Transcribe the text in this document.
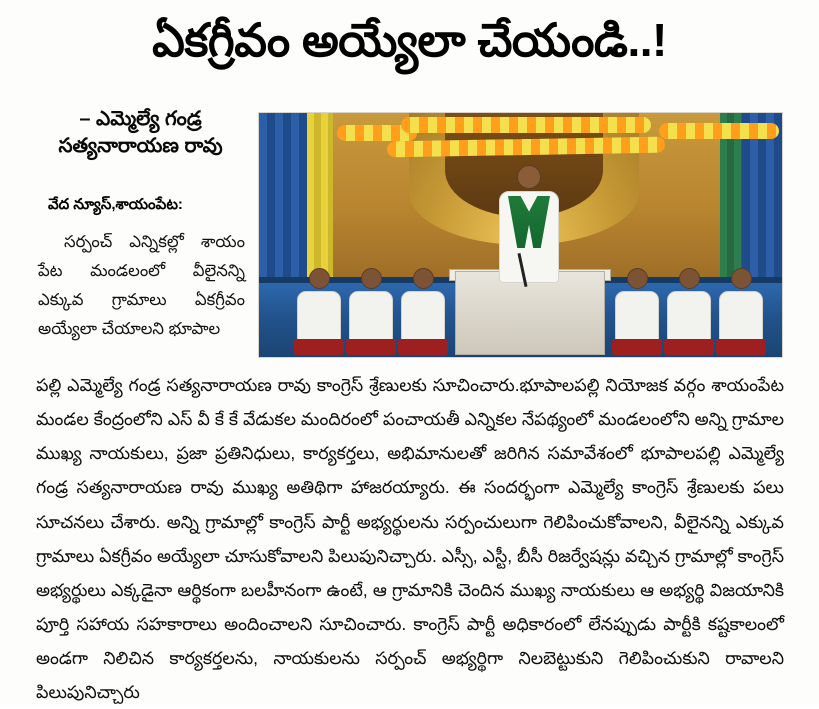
ఏకగ్రీవం అయ్యేలా చేయండి..!
– ఎమ్మెల్యే గండ్ర సత్యనారాయణ రావు
వేద న్యూస్,శాయంపేట:
సర్పంచ్ ఎన్నికల్లో శాయం పేట మండలంలో వీలైనన్ని ఎక్కువ గ్రామాలు ఏకగ్రీవం అయ్యేలా చేయాలని భూపాల
పల్లి ఎమ్మెల్యే గండ్ర సత్యనారాయణ రావు కాంగ్రెస్ శ్రేణులకు సూచించారు.భూపాలపల్లి నియోజక వర్గం శాయంపేట మండల కేంద్రంలోని ఎస్ వీ కే కే వేడుకల మందిరంలో పంచాయతీ ఎన్నికల నేపథ్యంలో మండలంలోని అన్ని గ్రామాల ముఖ్య నాయకులు, ప్రజా ప్రతినిధులు, కార్యకర్తలు, అభిమానులతో జరిగిన సమావేశంలో భూపాలపల్లి ఎమ్మెల్యే గండ్ర సత్యనారాయణ రావు ముఖ్య అతిథిగా హాజరయ్యారు. ఈ సందర్భంగా ఎమ్మెల్యే కాంగ్రెస్ శ్రేణులకు పలు సూచనలు చేశారు. అన్ని గ్రామాల్లో కాంగ్రెస్ పార్టీ అభ్యర్థులను సర్పంచులుగా గెలిపించుకోవాలని, వీలైనన్ని ఎక్కువ గ్రామాలు ఏకగ్రీవం అయ్యేలా చూసుకోవాలని పిలుపునిచ్చారు. ఎస్సీ, ఎస్టీ, బీసీ రిజర్వేషన్లు వచ్చిన గ్రామాల్లో కాంగ్రెస్ అభ్యర్థులు ఎక్కడైనా ఆర్థికంగా బలహీనంగా ఉంటే, ఆ గ్రామానికి చెందిన ముఖ్య నాయకులు ఆ అభ్యర్థి విజయానికి పూర్తి సహాయ సహకారాలు అందించాలని సూచించారు. కాంగ్రెస్ పార్టీ అధికారంలో లేనప్పుడు పార్టీకి కష్టకాలంలో అండగా నిలిచిన కార్యకర్తలను, నాయకులను సర్పంచ్ అభ్యర్థిగా నిలబెట్టుకుని గెలిపించుకుని రావాలని పిలుపునిచ్చారు
